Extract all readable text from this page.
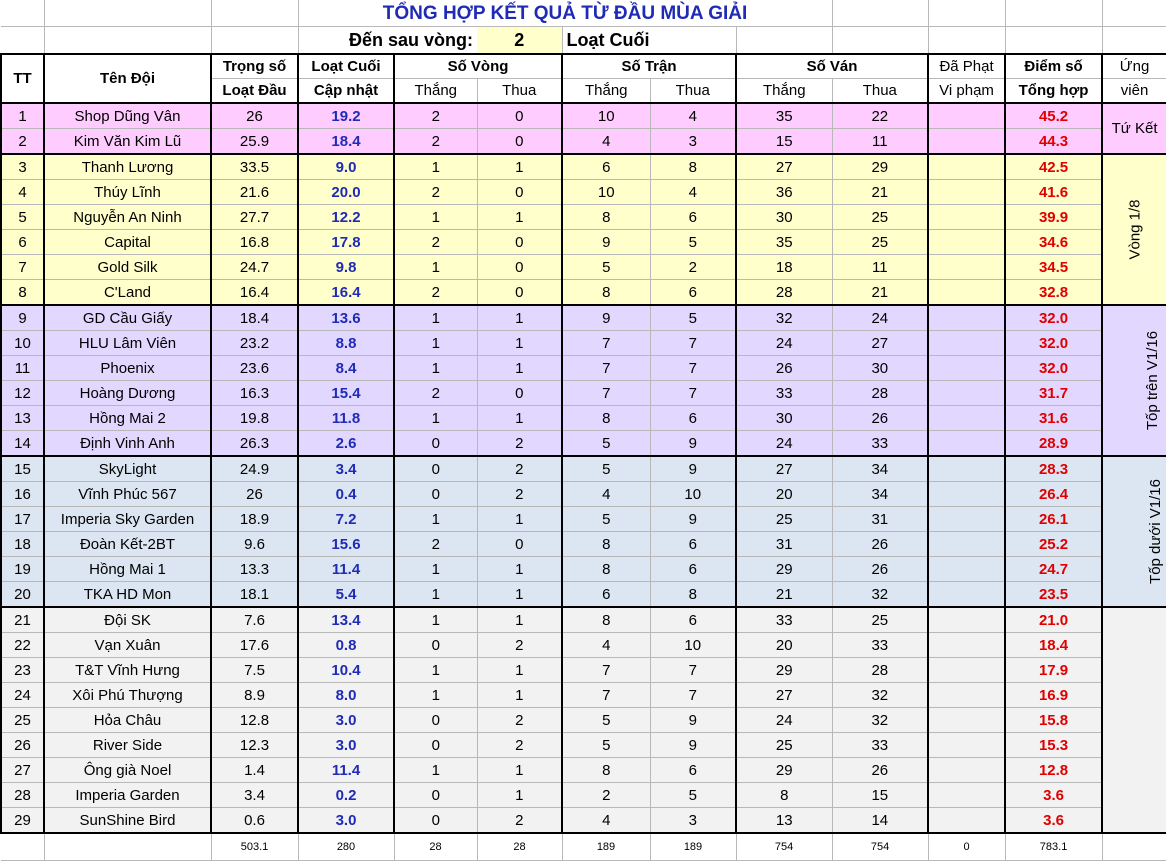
			TỔNG HỢP KẾT QUẢ TỪ ĐẦU MÙA GIẢI									
			Đến sau vòng:		2	Loạt Cuối						
TT	Tên Đội	Trọng số	Loạt Cuối	Số Vòng		Số Trận		Số Ván		Đã Phạt	Điểm số	Ứng
		Loạt Đầu	Cập nhật	Thắng	Thua	Thắng	Thua	Thắng	Thua	Vi phạm	Tổng hợp	viên
1	Shop Dũng Vân	26	19.2	2	0	10	4	35	22		45.2	Tứ Kết
2	Kim Văn Kim Lũ	25.9	18.4	2	0	4	3	15	11		44.3	
3	Thanh Lương	33.5	9.0	1	1	6	8	27	29		42.5	Vòng 1/8
4	Thúy Lĩnh	21.6	20.0	2	0	10	4	36	21		41.6	
5	Nguyễn An Ninh	27.7	12.2	1	1	8	6	30	25		39.9	
6	Capital	16.8	17.8	2	0	9	5	35	25		34.6	
7	Gold Silk	24.7	9.8	1	0	5	2	18	11		34.5	
8	C'Land	16.4	16.4	2	0	8	6	28	21		32.8	
9	GD Cầu Giấy	18.4	13.6	1	1	9	5	32	24		32.0	Tốp trên V1/16
10	HLU Lâm Viên	23.2	8.8	1	1	7	7	24	27		32.0	
11	Phoenix	23.6	8.4	1	1	7	7	26	30		32.0	
12	Hoàng Dương	16.3	15.4	2	0	7	7	33	28		31.7	
13	Hồng Mai 2	19.8	11.8	1	1	8	6	30	26		31.6	
14	Định Vinh Anh	26.3	2.6	0	2	5	9	24	33		28.9	
15	SkyLight	24.9	3.4	0	2	5	9	27	34		28.3	Tốp dưới V1/16
16	Vĩnh Phúc 567	26	0.4	0	2	4	10	20	34		26.4	
17	Imperia Sky Garden	18.9	7.2	1	1	5	9	25	31		26.1	
18	Đoàn Kết-2BT	9.6	15.6	2	0	8	6	31	26		25.2	
19	Hồng Mai 1	13.3	11.4	1	1	8	6	29	26		24.7	
20	TKA HD Mon	18.1	5.4	1	1	6	8	21	32		23.5	
21	Đội SK	7.6	13.4	1	1	8	6	33	25		21.0	
22	Vạn Xuân	17.6	0.8	0	2	4	10	20	33		18.4	
23	T&T Vĩnh Hưng	7.5	10.4	1	1	7	7	29	28		17.9	
24	Xôi Phú Thượng	8.9	8.0	1	1	7	7	27	32		16.9	
25	Hỏa Châu	12.8	3.0	0	2	5	9	24	32		15.8	
26	River Side	12.3	3.0	0	2	5	9	25	33		15.3	
27	Ông già Noel	1.4	11.4	1	1	8	6	29	26		12.8	
28	Imperia Garden	3.4	0.2	0	1	2	5	8	15		3.6	
29	SunShine Bird	0.6	3.0	0	2	4	3	13	14		3.6	
		503.1	280	28	28	189	189	754	754	0	783.1	
